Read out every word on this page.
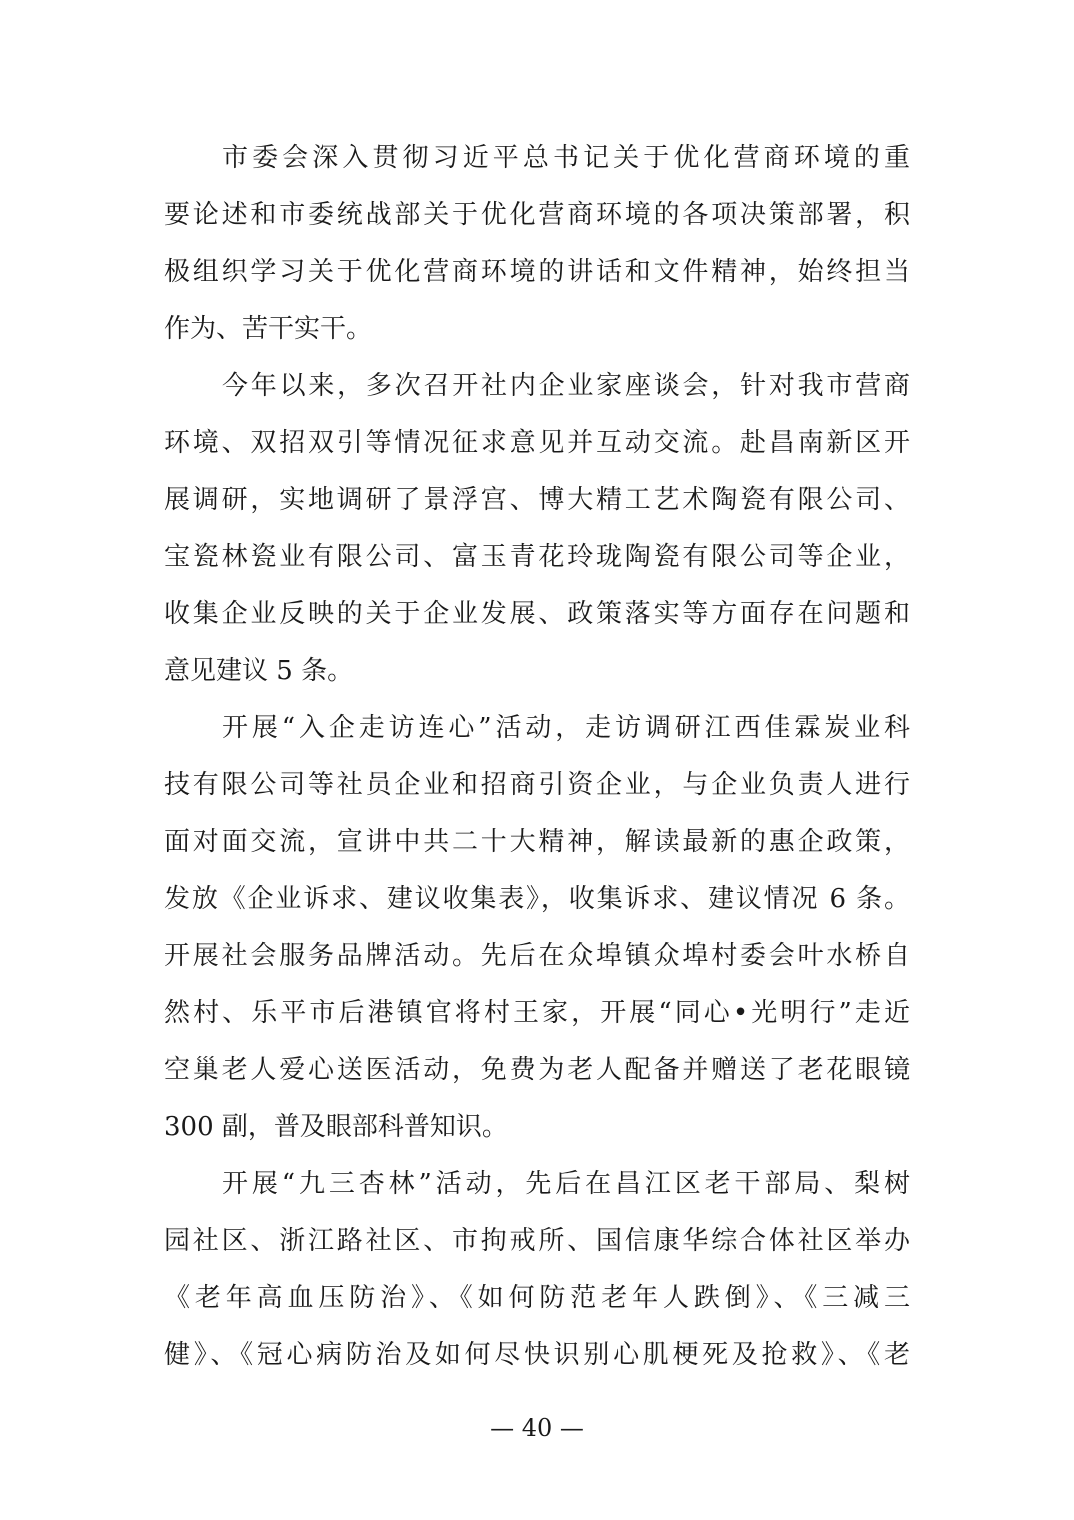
市委会深入贯彻习近平总书记关于优化营商环境的重
要论述和市委统战部关于优化营商环境的各项决策部署，积
极组织学习关于优化营商环境的讲话和文件精神，始终担当
作为、苦干实干。
今年以来，多次召开社内企业家座谈会，针对我市营商
环境、双招双引等情况征求意见并互动交流。赴昌南新区开
展调研，实地调研了景浮宫、博大精工艺术陶瓷有限公司、
宝瓷林瓷业有限公司、富玉青花玲珑陶瓷有限公司等企业，
收集企业反映的关于企业发展、政策落实等方面存在问题和
意见建议 5 条。
开展“入企走访连心”活动，走访调研江西佳霖炭业科
技有限公司等社员企业和招商引资企业，与企业负责人进行
面对面交流，宣讲中共二十大精神，解读最新的惠企政策，
发放《企业诉求、建议收集表》，收集诉求、建议情况 6 条。
开展社会服务品牌活动。先后在众埠镇众埠村委会叶水桥自
然村、乐平市后港镇官将村王家，开展“同心•光明行”走近
空巢老人爱心送医活动，免费为老人配备并赠送了老花眼镜
300 副，普及眼部科普知识。
开展“九三杏林”活动，先后在昌江区老干部局、梨树
园社区、浙江路社区、市拘戒所、国信康华综合体社区举办
《老年高血压防治》、《如何防范老年人跌倒》、《三减三
健》、《冠心病防治及如何尽快识别心肌梗死及抢救》、《老
— 40 —
